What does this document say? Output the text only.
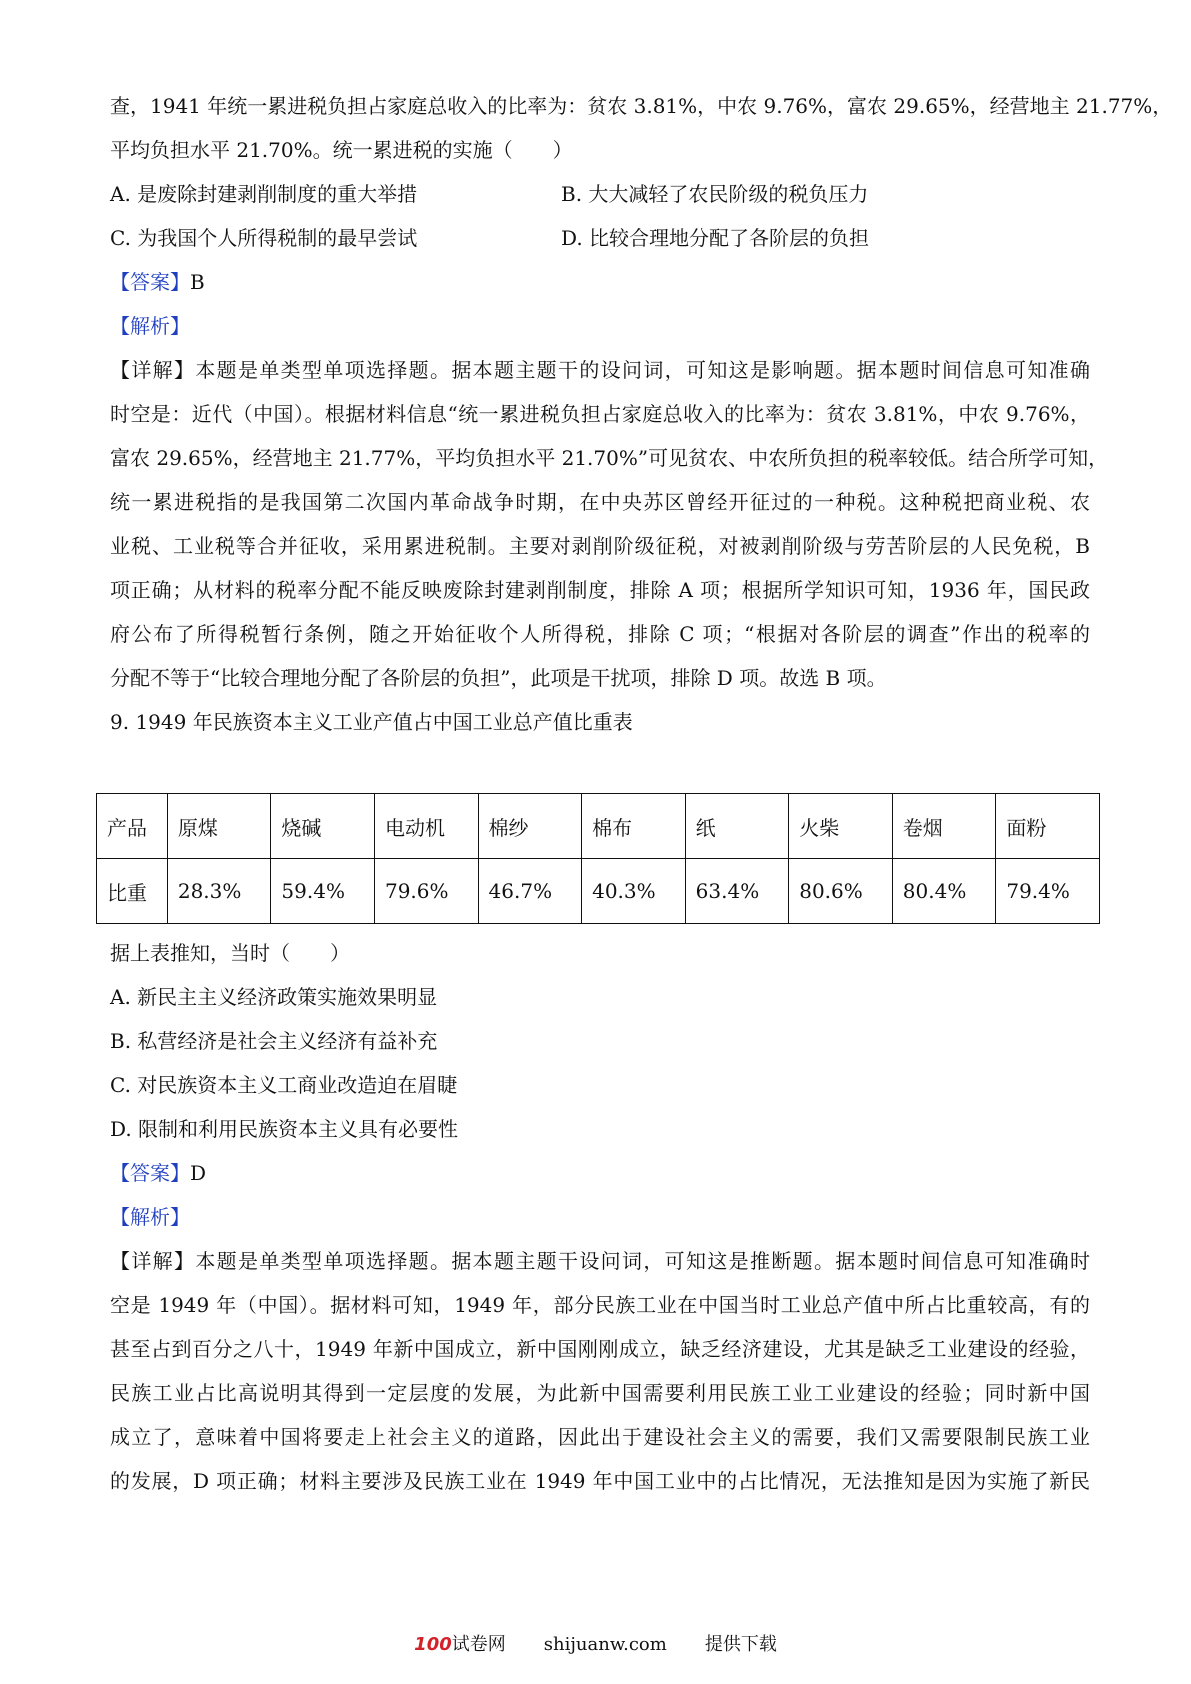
查，1941 年统一累进税负担占家庭总收入的比率为：贫农 3.81%，中农 9.76%，富农 29.65%，经营地主 21.77%，
平均负担水平 21.70%。统一累进税的实施（　　）
A. 是废除封建剥削制度的重大举措	B. 大大减轻了农民阶级的税负压力
C. 为我国个人所得税制的最早尝试	D. 比较合理地分配了各阶层的负担
【答案】B
【解析】
【详解】本题是单类型单项选择题。据本题主题干的设问词，可知这是影响题。据本题时间信息可知准确
时空是：近代（中国）。根据材料信息“统一累进税负担占家庭总收入的比率为：贫农 3.81%，中农 9.76%，
富农 29.65%，经营地主 21.77%，平均负担水平 21.70%”可见贫农、中农所负担的税率较低。结合所学可知，
统一累进税指的是我国第二次国内革命战争时期，在中央苏区曾经开征过的一种税。这种税把商业税、农
业税、工业税等合并征收，采用累进税制。主要对剥削阶级征税，对被剥削阶级与劳苦阶层的人民免税，B
项正确；从材料的税率分配不能反映废除封建剥削制度，排除 A 项；根据所学知识可知，1936 年，国民政
府公布了所得税暂行条例，随之开始征收个人所得税，排除 C 项；“根据对各阶层的调查”作出的税率的
分配不等于“比较合理地分配了各阶层的负担”，此项是干扰项，排除 D 项。故选 B 项。
9. 1949 年民族资本主义工业产值占中国工业总产值比重表
产品	原煤	烧碱	电动机	棉纱	棉布	纸	火柴	卷烟	面粉
比重	28.3%	59.4%	79.6%	46.7%	40.3%	63.4%	80.6%	80.4%	79.4%
据上表推知，当时（　　）
A. 新民主主义经济政策实施效果明显
B. 私营经济是社会主义经济有益补充
C. 对民族资本主义工商业改造迫在眉睫
D. 限制和利用民族资本主义具有必要性
【答案】D
【解析】
【详解】本题是单类型单项选择题。据本题主题干设问词，可知这是推断题。据本题时间信息可知准确时
空是 1949 年（中国）。据材料可知，1949 年，部分民族工业在中国当时工业总产值中所占比重较高，有的
甚至占到百分之八十，1949 年新中国成立，新中国刚刚成立，缺乏经济建设，尤其是缺乏工业建设的经验，
民族工业占比高说明其得到一定层度的发展，为此新中国需要利用民族工业工业建设的经验；同时新中国
成立了，意味着中国将要走上社会主义的道路，因此出于建设社会主义的需要，我们又需要限制民族工业
的发展，D 项正确；材料主要涉及民族工业在 1949 年中国工业中的占比情况，无法推知是因为实施了新民
100试卷网 shijuanw.com 提供下载
